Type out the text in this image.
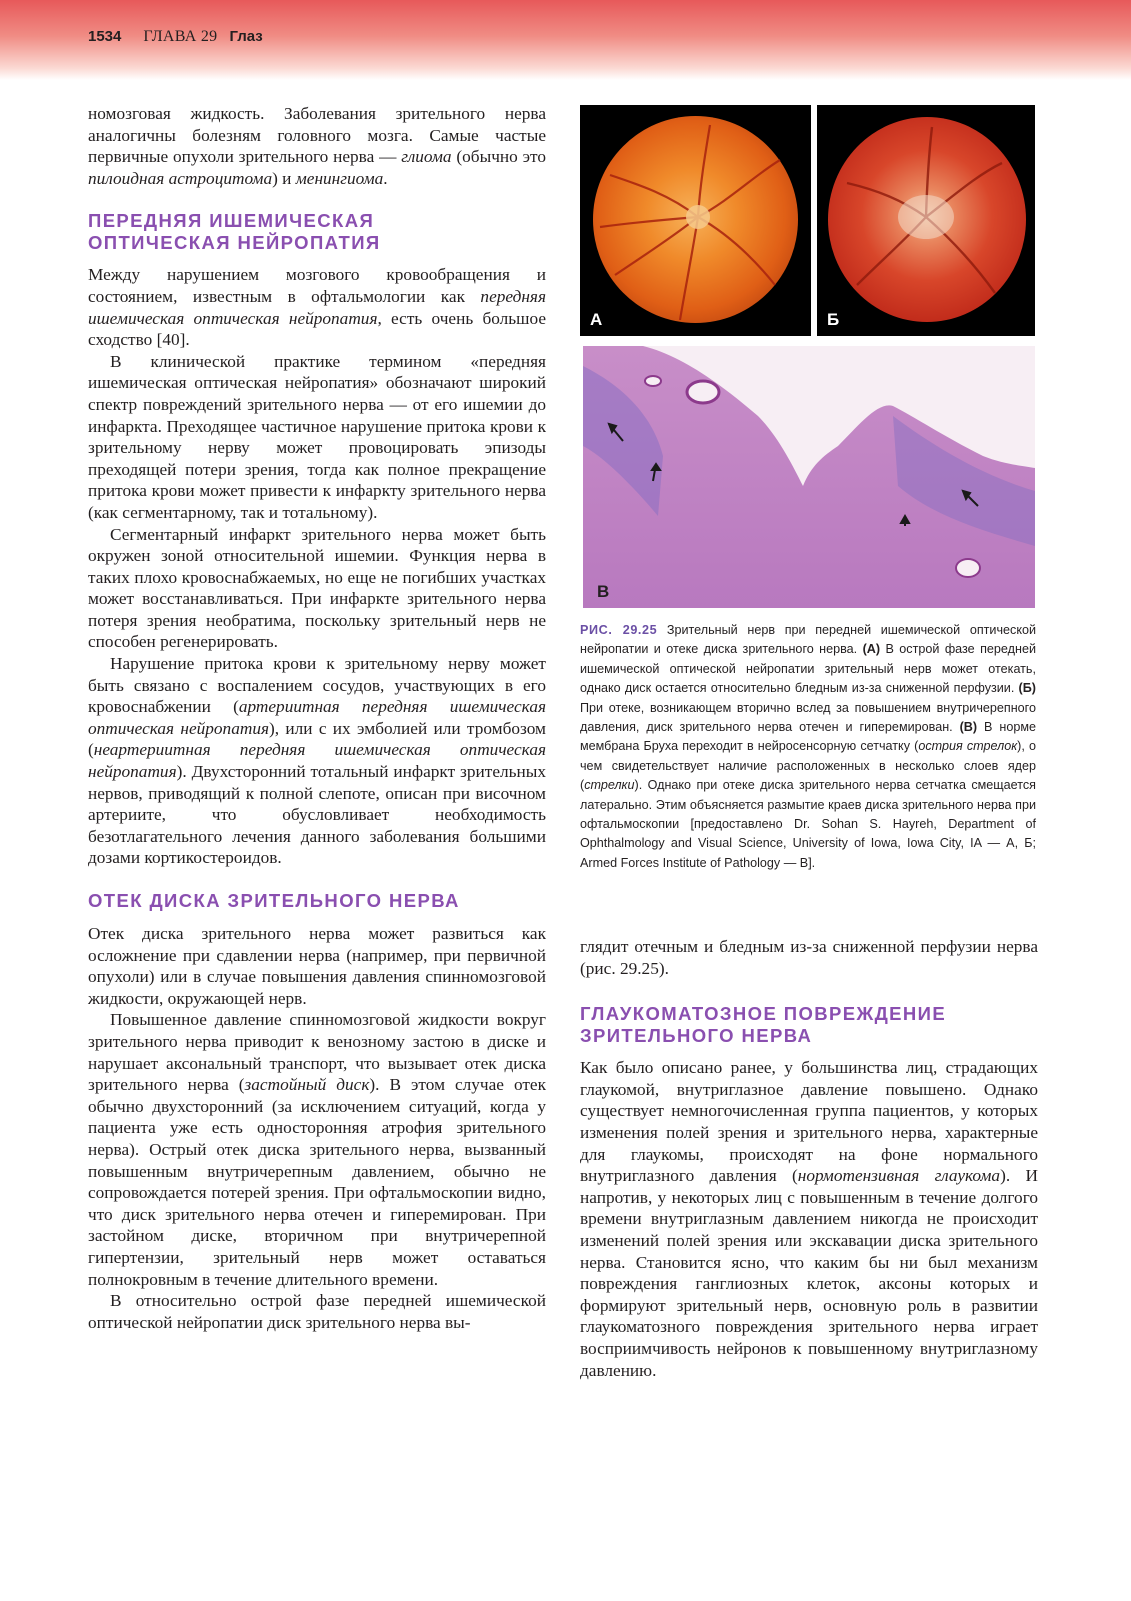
1534 ГЛАВА 29 Глаз

номозговая жидкость. Заболевания зрительного нерва аналогичны болезням головного мозга. Самые частые первичные опухоли зрительного нерва — глиома (обычно это пилоидная астроцитома) и менингиома.

ПЕРЕДНЯЯ ИШЕМИЧЕСКАЯ
ОПТИЧЕСКАЯ НЕЙРОПАТИЯ

Между нарушением мозгового кровообращения и состоянием, известным в офтальмологии как передняя ишемическая оптическая нейропатия, есть очень большое сходство [40].

В клинической практике термином «передняя ишемическая оптическая нейропатия» обозначают широкий спектр повреждений зрительного нерва — от его ишемии до инфаркта. Преходящее частичное нарушение притока крови к зрительному нерву может провоцировать эпизоды преходящей потери зрения, тогда как полное прекращение притока крови может привести к инфаркту зрительного нерва (как сегментарному, так и тотальному).

Сегментарный инфаркт зрительного нерва может быть окружен зоной относительной ишемии. Функция нерва в таких плохо кровоснабжаемых, но еще не погибших участках может восстанавливаться. При инфаркте зрительного нерва потеря зрения необратима, поскольку зрительный нерв не способен регенерировать.

Нарушение притока крови к зрительному нерву может быть связано с воспалением сосудов, участвующих в его кровоснабжении (артериитная передняя ишемическая оптическая нейропатия), или с их эмболией или тромбозом (неартериитная передняя ишемическая оптическая нейропатия). Двухсторонний тотальный инфаркт зрительных нервов, приводящий к полной слепоте, описан при височном артериите, что обусловливает необходимость безотлагательного лечения данного заболевания большими дозами кортикостероидов.

ОТЕК ДИСКА ЗРИТЕЛЬНОГО НЕРВА

Отек диска зрительного нерва может развиться как осложнение при сдавлении нерва (например, при первичной опухоли) или в случае повышения давления спинномозговой жидкости, окружающей нерв.

Повышенное давление спинномозговой жидкости вокруг зрительного нерва приводит к венозному застою в диске и нарушает аксональный транспорт, что вызывает отек диска зрительного нерва (застойный диск). В этом случае отек обычно двухсторонний (за исключением ситуаций, когда у пациента уже есть односторонняя атрофия зрительного нерва). Острый отек диска зрительного нерва, вызванный повышенным внутричерепным давлением, обычно не сопровождается потерей зрения. При офтальмоскопии видно, что диск зрительного нерва отечен и гиперемирован. При застойном диске, вторичном при внутричерепной гипертензии, зрительный нерв может оставаться полнокровным в течение длительного времени.

В относительно острой фазе передней ишемической оптической нейропатии диск зрительного нерва вы-

А	Б
В
РИС. 29.25 Зрительный нерв при передней ишемической оптической нейропатии и отеке диска зрительного нерва. (А) В острой фазе передней ишемической оптической нейропатии зрительный нерв может отекать, однако диск остается относительно бледным из-за сниженной перфузии. (Б) При отеке, возникающем вторично вслед за повышением внутричерепного давления, диск зрительного нерва отечен и гиперемирован. (В) В норме мембрана Бруха переходит в нейросенсорную сетчатку (острия стрелок), о чем свидетельствует наличие расположенных в несколько слоев ядер (стрелки). Однако при отеке диска зрительного нерва сетчатка смещается латерально. Этим объясняется размытие краев диска зрительного нерва при офтальмоскопии [предоставлено Dr. Sohan S. Hayreh, Department of Ophthalmology and Visual Science, University of Iowa, Iowa City, IA — А, Б; Armed Forces Institute of Pathology — В].

глядит отечным и бледным из-за сниженной перфузии нерва (рис. 29.25).

ГЛАУКОМАТОЗНОЕ ПОВРЕЖДЕНИЕ
ЗРИТЕЛЬНОГО НЕРВА

Как было описано ранее, у большинства лиц, страдающих глаукомой, внутриглазное давление повышено. Однако существует немногочисленная группа пациентов, у которых изменения полей зрения и зрительного нерва, характерные для глаукомы, происходят на фоне нормального внутриглазного давления (нормотензивная глаукома). И напротив, у некоторых лиц с повышенным в течение долгого времени внутриглазным давлением никогда не происходит изменений полей зрения или экскавации диска зрительного нерва. Становится ясно, что каким бы ни был механизм повреждения ганглиозных клеток, аксоны которых и формируют зрительный нерв, основную роль в развитии глаукоматозного повреждения зрительного нерва играет восприимчивость нейронов к повышенному внутриглазному давлению.
